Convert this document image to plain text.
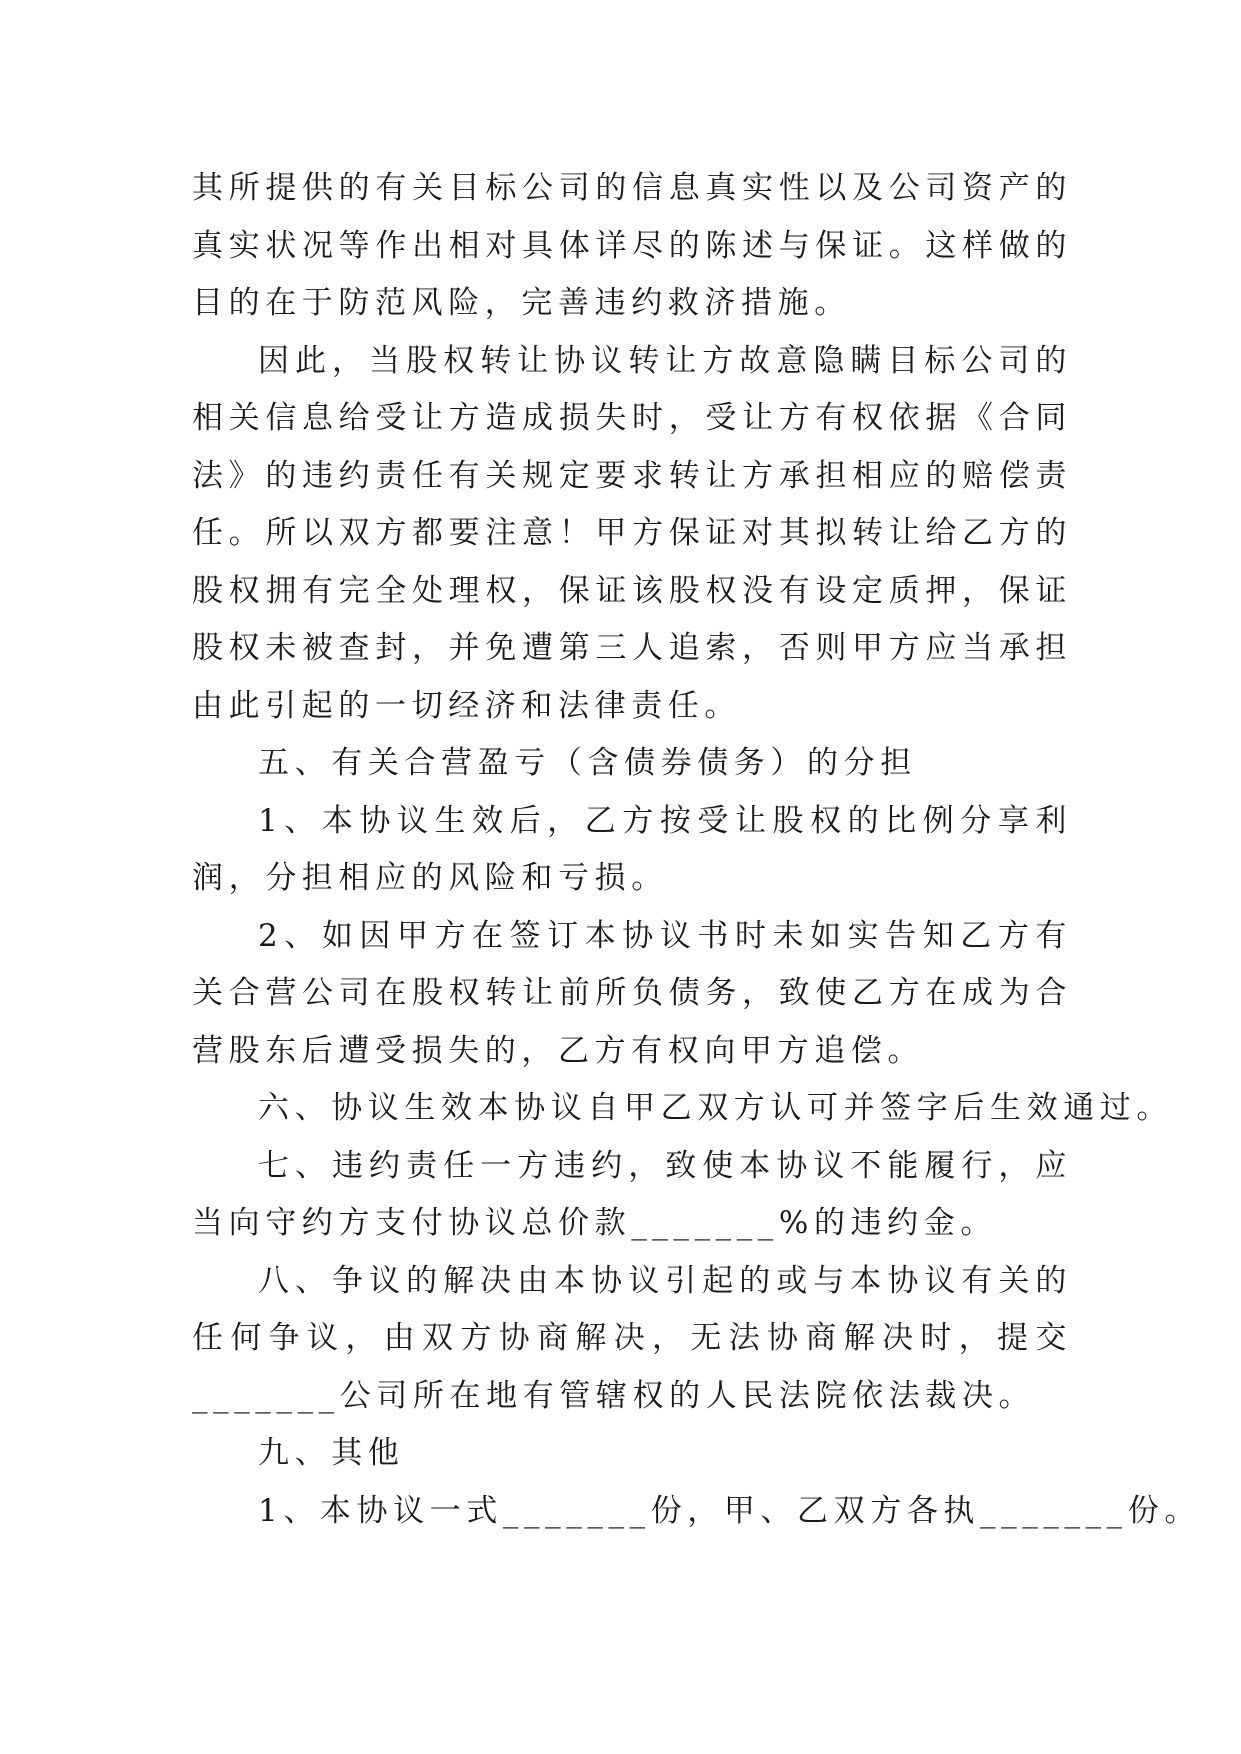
其所提供的有关目标公司的信息真实性以及公司资产的真实状况等作出相对具体详尽的陈述与保证。这样做的目的在于防范风险，完善违约救济措施。

因此，当股权转让协议转让方故意隐瞒目标公司的相关信息给受让方造成损失时，受让方有权依据《合同法》的违约责任有关规定要求转让方承担相应的赔偿责任。所以双方都要注意！甲方保证对其拟转让给乙方的股权拥有完全处理权，保证该股权没有设定质押，保证股权未被查封，并免遭第三人追索，否则甲方应当承担由此引起的一切经济和法律责任。

五、有关合营盈亏（含债券债务）的分担

1、本协议生效后，乙方按受让股权的比例分享利润，分担相应的风险和亏损。

2、如因甲方在签订本协议书时未如实告知乙方有关合营公司在股权转让前所负债务，致使乙方在成为合营股东后遭受损失的，乙方有权向甲方追偿。

六、协议生效本协议自甲乙双方认可并签字后生效通过。

七、违约责任一方违约，致使本协议不能履行，应当向守约方支付协议总价款_______%的违约金。

八、争议的解决由本协议引起的或与本协议有关的任何争议，由双方协商解决，无法协商解决时，提交_______公司所在地有管辖权的人民法院依法裁决。

九、其他

1、本协议一式_______份，甲、乙双方各执_______份。
